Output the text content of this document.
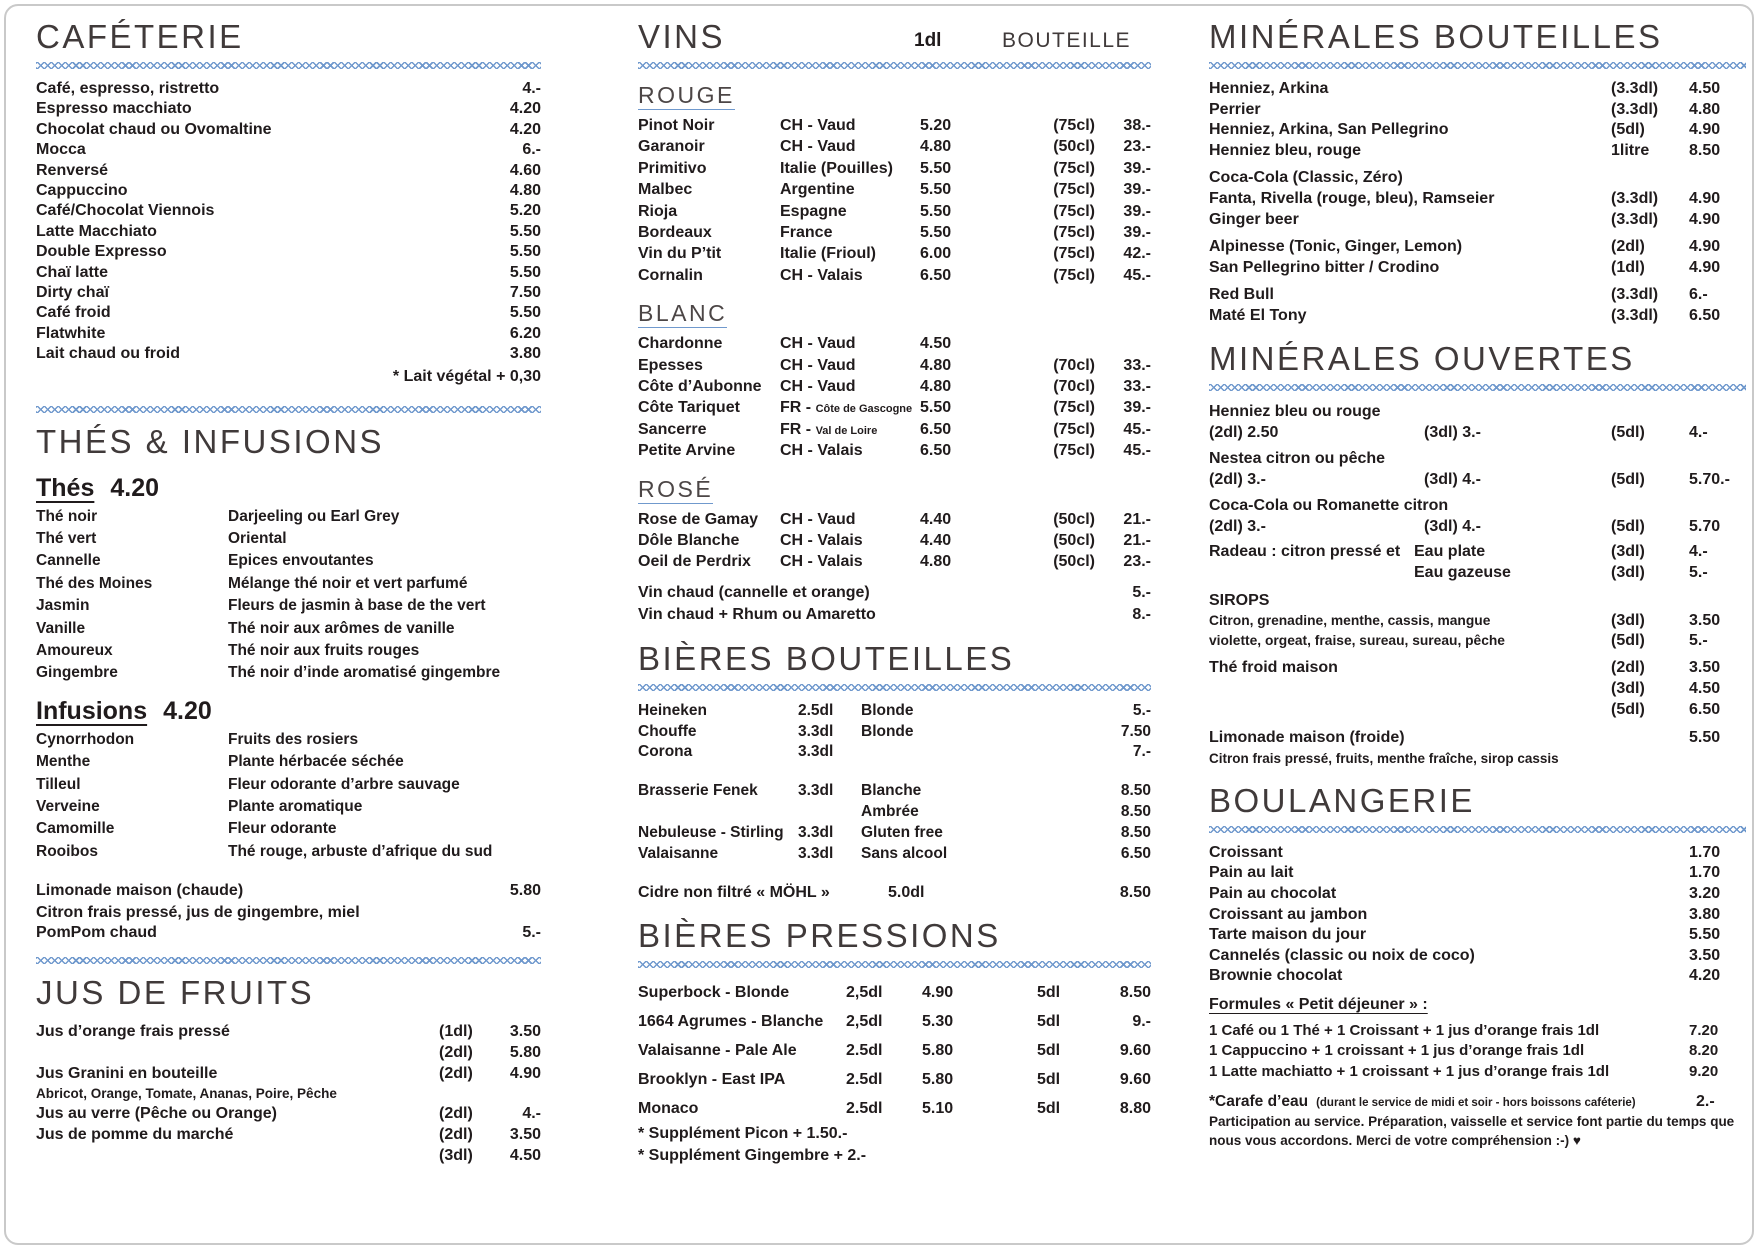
CAFÉTERIE
Café, espresso, ristretto	4.-
Espresso macchiato	4.20
Chocolat chaud ou Ovomaltine	4.20
Mocca	6.-
Renversé	4.60
Cappuccino	4.80
Café/Chocolat Viennois	5.20
Latte Macchiato	5.50
Double Expresso	5.50
Chaï latte	5.50
Dirty chaï	7.50
Café froid	5.50
Flatwhite	6.20
Lait chaud ou froid	3.80
* Lait végétal + 0,30
THÉS & INFUSIONS
Thés 4.20
Thé noir	Darjeeling ou Earl Grey
Thé vert	Oriental
Cannelle	Epices envoutantes
Thé des Moines	Mélange thé noir et vert parfumé
Jasmin	Fleurs de jasmin à base de the vert
Vanille	Thé noir aux arômes de vanille
Amoureux	Thé noir aux fruits rouges
Gingembre	Thé noir d’inde aromatisé gingembre
Infusions 4.20
Cynorrhodon	Fruits des rosiers
Menthe	Plante hérbacée séchée
Tilleul	Fleur odorante d’arbre sauvage
Verveine	Plante aromatique
Camomille	Fleur odorante
Rooibos	Thé rouge, arbuste d’afrique du sud
Limonade maison (chaude)	5.80
Citron frais pressé, jus de gingembre, miel
PomPom chaud	5.-
JUS DE FRUITS
Jus d’orange frais pressé	(1dl)	3.50
(2dl)	5.80
Jus Granini en bouteille	(2dl)	4.90
Abricot, Orange, Tomate, Ananas, Poire, Pêche
Jus au verre (Pêche ou Orange)	(2dl)	4.-
Jus de pomme du marché	(2dl)	3.50
(3dl)	4.50
VINS	1dl	BOUTEILLE
ROUGE
Pinot Noir	CH - Vaud	5.20	(75cl)	38.-
Garanoir	CH - Vaud	4.80	(50cl)	23.-
Primitivo	Italie (Pouilles)	5.50	(75cl)	39.-
Malbec	Argentine	5.50	(75cl)	39.-
Rioja	Espagne	5.50	(75cl)	39.-
Bordeaux	France	5.50	(75cl)	39.-
Vin du P’tit	Italie (Frioul)	6.00	(75cl)	42.-
Cornalin	CH - Valais	6.50	(75cl)	45.-
BLANC
Chardonne	CH - Vaud	4.50
Epesses	CH - Vaud	4.80	(70cl)	33.-
Côte d’Aubonne	CH - Vaud	4.80	(70cl)	33.-
Côte Tariquet	FR - Côte de Gascogne 5.50	(75cl)	39.-
Sancerre	FR - Val de Loire	6.50	(75cl)	45.-
Petite Arvine	CH - Valais	6.50	(75cl)	45.-
ROSÉ
Rose de Gamay	CH - Vaud	4.40	(50cl)	21.-
Dôle Blanche	CH - Valais	4.40	(50cl)	21.-
Oeil de Perdrix	CH - Valais	4.80	(50cl)	23.-
Vin chaud (cannelle et orange)	5.-
Vin chaud + Rhum ou Amaretto	8.-
BIÈRES BOUTEILLES
Heineken	2.5dl	Blonde	5.-
Chouffe	3.3dl	Blonde	7.50
Corona	3.3dl	7.-
Brasserie Fenek	3.3dl	Blanche	8.50
Ambrée	8.50
Nebuleuse - Stirling 3.3dl	Gluten free	8.50
Valaisanne	3.3dl	Sans alcool	6.50
Cidre non filtré « MÖHL »	5.0dl	8.50
BIÈRES PRESSIONS
Superbock - Blonde	2,5dl	4.90	5dl	8.50
1664 Agrumes - Blanche	2,5dl	5.30	5dl	9.-
Valaisanne - Pale Ale	2.5dl	5.80	5dl	9.60
Brooklyn - East IPA	2.5dl	5.80	5dl	9.60
Monaco	2.5dl	5.10	5dl	8.80
* Supplément Picon + 1.50.-
* Supplément Gingembre + 2.-
MINÉRALES BOUTEILLES
Henniez, Arkina	(3.3dl)	4.50
Perrier	(3.3dl)	4.80
Henniez, Arkina, San Pellegrino	(5dl)	4.90
Henniez bleu, rouge	1litre	8.50
Coca-Cola (Classic, Zéro)
Fanta, Rivella (rouge, bleu), Ramseier	(3.3dl)	4.90
Ginger beer	(3.3dl)	4.90
Alpinesse (Tonic, Ginger, Lemon)	(2dl)	4.90
San Pellegrino bitter / Crodino	(1dl)	4.90
Red Bull	(3.3dl)	6.-
Maté El Tony	(3.3dl)	6.50
MINÉRALES OUVERTES
Henniez bleu ou rouge
(2dl) 2.50	(3dl) 3.-	(5dl)	4.-
Nestea citron ou pêche
(2dl) 3.-	(3dl) 4.-	(5dl)	5.70.-
Coca-Cola ou Romanette citron
(2dl) 3.-	(3dl) 4.-	(5dl)	5.70
Radeau : citron pressé et Eau plate	(3dl)	4.-
Eau gazeuse	(3dl)	5.-
SIROPS
Citron, grenadine, menthe, cassis, mangue	(3dl)	3.50
violette, orgeat, fraise, sureau, sureau, pêche	(5dl)	5.-
Thé froid maison	(2dl)	3.50
(3dl)	4.50
(5dl)	6.50
Limonade maison (froide)	5.50
Citron frais pressé, fruits, menthe fraîche, sirop cassis
BOULANGERIE
Croissant	1.70
Pain au lait	1.70
Pain au chocolat	3.20
Croissant au jambon	3.80
Tarte maison du jour	5.50
Cannelés (classic ou noix de coco)	3.50
Brownie chocolat	4.20
Formules « Petit déjeuner » :
1 Café ou 1 Thé + 1 Croissant + 1 jus d’orange frais 1dl	7.20
1 Cappuccino + 1 croissant + 1 jus d’orange frais 1dl	8.20
1 Latte machiatto + 1 croissant + 1 jus d’orange frais 1dl	9.20
*Carafe d’eau (durant le service de midi et soir - hors boissons caféterie)	2.-
Participation au service. Préparation, vaisselle et service font partie du temps que nous vous accordons. Merci de votre compréhension :-) ♥
